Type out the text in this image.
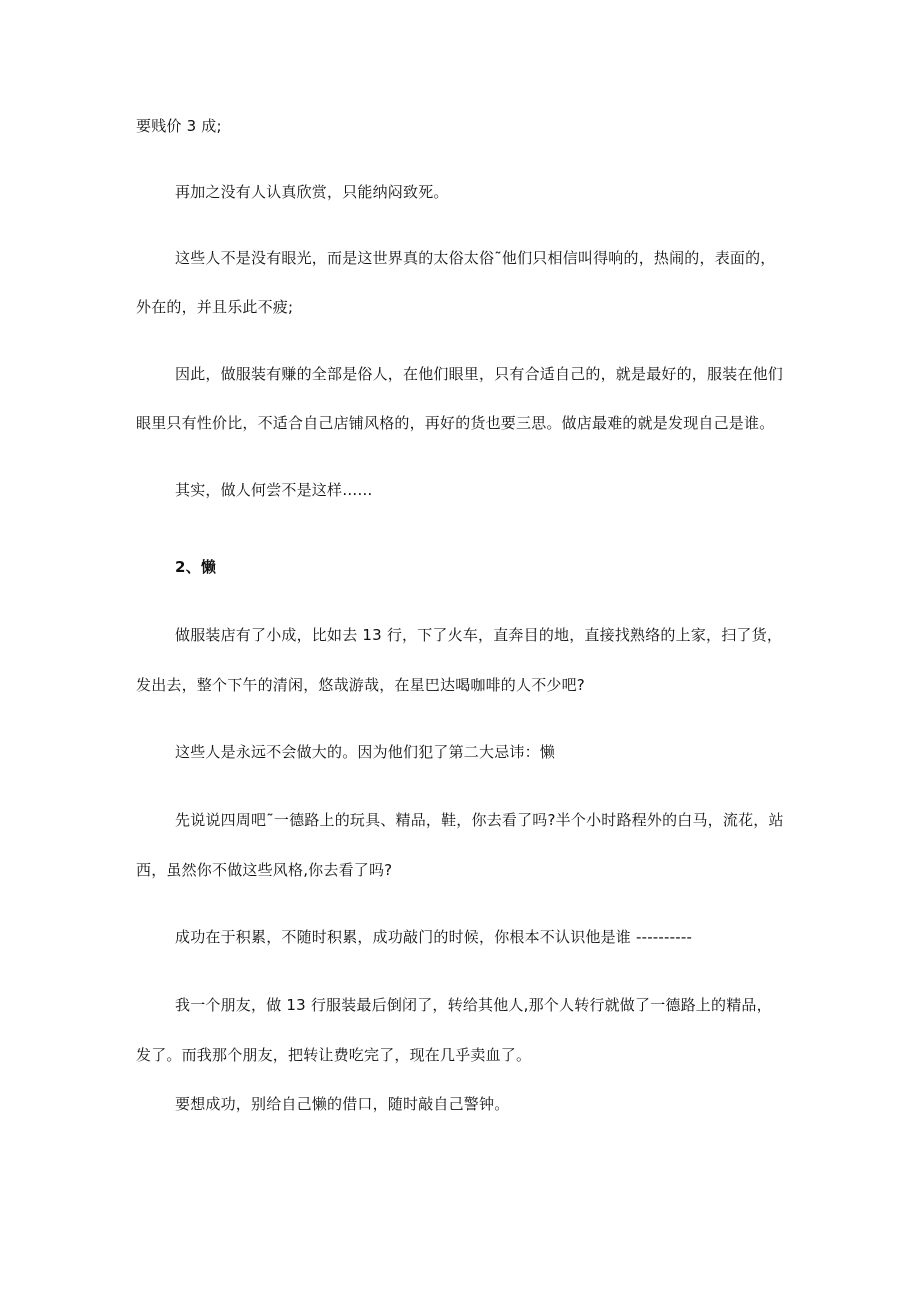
要贱价 3 成;
再加之没有人认真欣赏，只能纳闷致死。
这些人不是没有眼光，而是这世界真的太俗太俗˜他们只相信叫得响的，热闹的，表面的，
外在的，并且乐此不疲;
因此，做服装有赚的全部是俗人，在他们眼里，只有合适自己的，就是最好的，服装在他们
眼里只有性价比，不适合自己店铺风格的，再好的货也要三思。做店最难的就是发现自己是谁。
其实，做人何尝不是这样……
2、懒
做服装店有了小成，比如去 13 行，下了火车，直奔目的地，直接找熟络的上家，扫了货，
发出去，整个下午的清闲，悠哉游哉，在星巴达喝咖啡的人不少吧?
这些人是永远不会做大的。因为他们犯了第二大忌讳：懒
先说说四周吧˜一德路上的玩具、精品，鞋，你去看了吗?半个小时路程外的白马，流花，站
西，虽然你不做这些风格,你去看了吗?
成功在于积累，不随时积累，成功敲门的时候，你根本不认识他是谁 ----------
我一个朋友，做 13 行服装最后倒闭了，转给其他人,那个人转行就做了一德路上的精品，
发了。而我那个朋友，把转让费吃完了，现在几乎卖血了。
要想成功，别给自己懒的借口，随时敲自己警钟。
